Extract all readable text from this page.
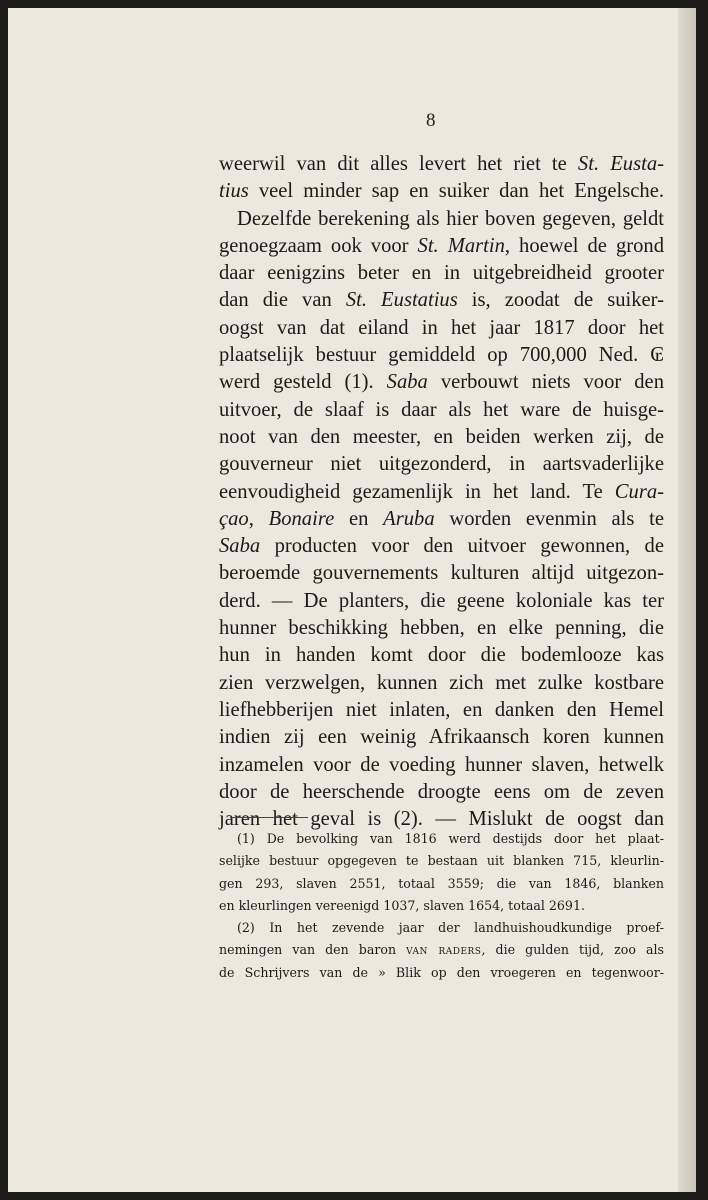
8
weerwil van dit alles levert het riet te St. Eusta-
tius veel minder sap en suiker dan het Engelsche.
Dezelfde berekening als hier boven gegeven, geldt
genoegzaam ook voor St. Martin, hoewel de grond
daar eenigzins beter en in uitgebreidheid grooter
dan die van St. Eustatius is, zoodat de suiker-
oogst van dat eiland in het jaar 1817 door het
plaatselijk bestuur gemiddeld op 700,000 Ned. ₢
werd gesteld (1). Saba verbouwt niets voor den
uitvoer, de slaaf is daar als het ware de huisge-
noot van den meester, en beiden werken zij, de
gouverneur niet uitgezonderd, in aartsvaderlijke
eenvoudigheid gezamenlijk in het land. Te Cura-
çao, Bonaire en Aruba worden evenmin als te
Saba producten voor den uitvoer gewonnen, de
beroemde gouvernements kulturen altijd uitgezon-
derd. — De planters, die geene koloniale kas ter
hunner beschikking hebben, en elke penning, die
hun in handen komt door die bodemlooze kas
zien verzwelgen, kunnen zich met zulke kostbare
liefhebberijen niet inlaten, en danken den Hemel
indien zij een weinig Afrikaansch koren kunnen
inzamelen voor de voeding hunner slaven, hetwelk
door de heerschende droogte eens om de zeven
jaren het geval is (2). — Mislukt de oogst dan
(1) De bevolking van 1816 werd destijds door het plaat-
selijke bestuur opgegeven te bestaan uit blanken 715, kleurlin-
gen 293, slaven 2551, totaal 3559; die van 1846, blanken
en kleurlingen vereenigd 1037, slaven 1654, totaal 2691.
(2) In het zevende jaar der landhuishoudkundige proef-
nemingen van den baron van raders, die gulden tijd, zoo als
de Schrijvers van de » Blik op den vroegeren en tegenwoor-
